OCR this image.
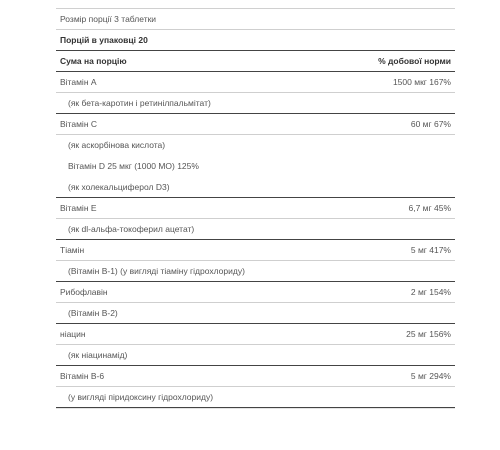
Розмір порції 3 таблетки
Порцій в упаковці 20
Сума на порцію	% добової норми
Вітамін А	1500 мкг 167%
(як бета-каротин і ретинілпальмітат)
Вітамін С	60 мг 67%
(як аскорбінова кислота)
Вітамін D 25 мкг (1000 МО) 125%
(як холекальциферол D3)
Вітамін Е	6,7 мг 45%
(як dl-альфа-токоферил ацетат)
Тіамін	5 мг 417%
(Вітамін В-1) (у вигляді тіаміну гідрохлориду)
Рибофлавін	2 мг 154%
(Вітамін В-2)
ніацин	25 мг 156%
(як ніацинамід)
Вітамін В-6	5 мг 294%
(у вигляді піридоксину гідрохлориду)
